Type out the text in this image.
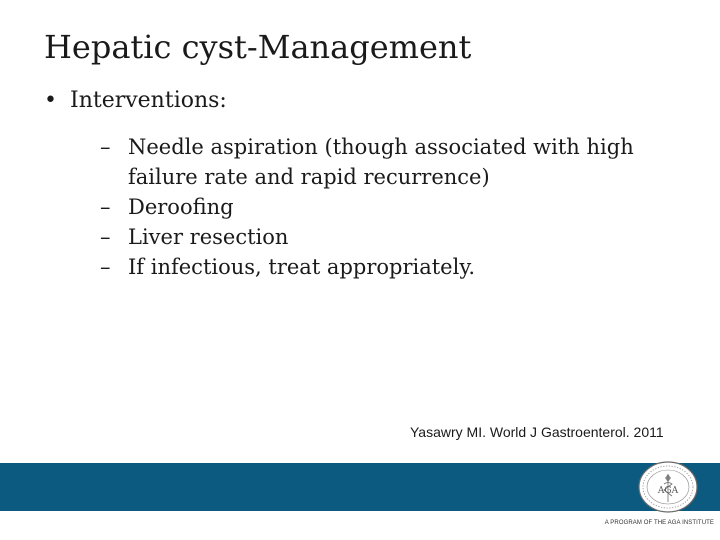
Hepatic cyst-Management
• Interventions:
– Needle aspiration (though associated with high failure rate and rapid recurrence)
– Deroofing
– Liver resection
– If infectious, treat appropriately.
Yasawry MI. World J Gastroenterol. 2011
AGA
A PROGRAM OF THE AGA INSTITUTE
